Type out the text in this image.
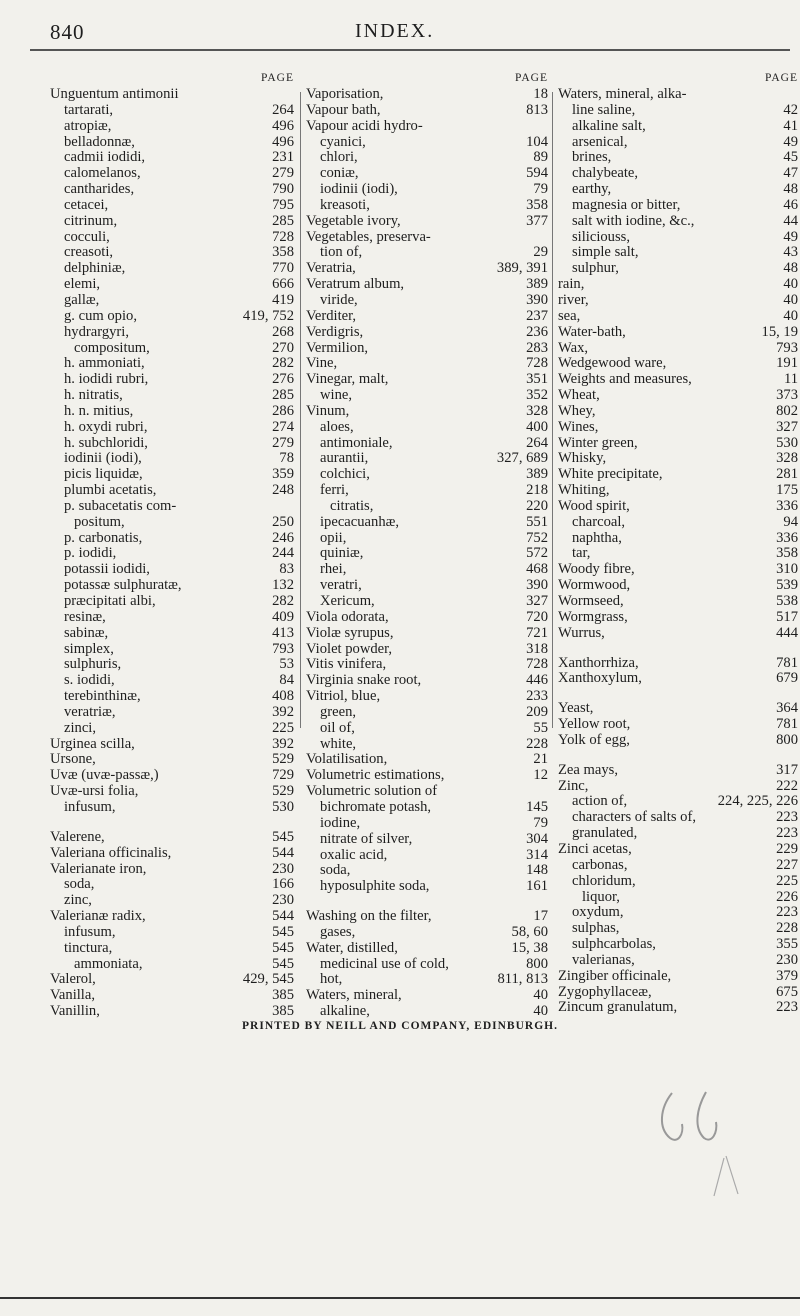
840	INDEX.
PAGE
Unguentum antimonii
tartarati,	264
atropiæ,	496
belladonnæ,	496
cadmii iodidi,	231
calomelanos,	279
cantharides,	790
cetacei,	795
citrinum,	285
cocculi,	728
creasoti,	358
delphiniæ,	770
elemi,	666
gallæ,	419
g. cum opio,	419, 752
hydrargyri,	268
compositum,	270
h. ammoniati,	282
h. iodidi rubri,	276
h. nitratis,	285
h. n. mitius,	286
h. oxydi rubri,	274
h. subchloridi,	279
iodinii (iodi),	78
picis liquidæ,	359
plumbi acetatis,	248
p. subacetatis com-
positum,	250
p. carbonatis,	246
p. iodidi,	244
potassii iodidi,	83
potassæ sulphuratæ,	132
præcipitati albi,	282
resinæ,	409
sabinæ,	413
simplex,	793
sulphuris,	53
s. iodidi,	84
terebinthinæ,	408
veratriæ,	392
zinci,	225
Urginea scilla,	392
Ursone,	529
Uvæ (uvæ-passæ,)	729
Uvæ-ursi folia,	529
infusum,	530
Valerene,	545
Valeriana officinalis,	544
Valerianate iron,	230
soda,	166
zinc,	230
Valerianæ radix,	544
infusum,	545
tinctura,	545
ammoniata,	545
Valerol,	429, 545
Vanilla,	385
Vanillin,	385
PAGE
Vaporisation,	18
Vapour bath,	813
Vapour acidi hydro-
cyanici,	104
chlori,	89
coniæ,	594
iodinii (iodi),	79
kreasoti,	358
Vegetable ivory,	377
Vegetables, preserva-
tion of,	29
Veratria,	389, 391
Veratrum album,	389
viride,	390
Verditer,	237
Verdigris,	236
Vermilion,	283
Vine,	728
Vinegar, malt,	351
wine,	352
Vinum,	328
aloes,	400
antimoniale,	264
aurantii,	327, 689
colchici,	389
ferri,	218
citratis,	220
ipecacuanhæ,	551
opii,	752
quiniæ,	572
rhei,	468
veratri,	390
Xericum,	327
Viola odorata,	720
Violæ syrupus,	721
Violet powder,	318
Vitis vinifera,	728
Virginia snake root,	446
Vitriol, blue,	233
green,	209
oil of,	55
white,	228
Volatilisation,	21
Volumetric estimations,	12
Volumetric solution of
bichromate potash,	145
iodine,	79
nitrate of silver,	304
oxalic acid,	314
soda,	148
hyposulphite soda,	161
Washing on the filter,	17
gases,	58, 60
Water, distilled,	15, 38
medicinal use of cold,	800
hot,	811, 813
Waters, mineral,	40
alkaline,	40
PAGE
Waters, mineral, alka-
line saline,	42
alkaline salt,	41
arsenical,	49
brines,	45
chalybeate,	47
earthy,	48
magnesia or bitter,	46
salt with iodine, &c.,	44
siliciouss,	49
simple salt,	43
sulphur,	48
rain,	40
river,	40
sea,	40
Water-bath,	15, 19
Wax,	793
Wedgewood ware,	191
Weights and measures,	11
Wheat,	373
Whey,	802
Wines,	327
Winter green,	530
Whisky,	328
White precipitate,	281
Whiting,	175
Wood spirit,	336
charcoal,	94
naphtha,	336
tar,	358
Woody fibre,	310
Wormwood,	539
Wormseed,	538
Wormgrass,	517
Wurrus,	444
Xanthorrhiza,	781
Xanthoxylum,	679
Yeast,	364
Yellow root,	781
Yolk of egg,	800
Zea mays,	317
Zinc,	222
action of,	224, 225, 226
characters of salts of,	223
granulated,	223
Zinci acetas,	229
carbonas,	227
chloridum,	225
liquor,	226
oxydum,	223
sulphas,	228
sulphcarbolas,	355
valerianas,	230
Zingiber officinale,	379
Zygophyllaceæ,	675
Zincum granulatum,	223
PRINTED BY NEILL AND COMPANY, EDINBURGH.
